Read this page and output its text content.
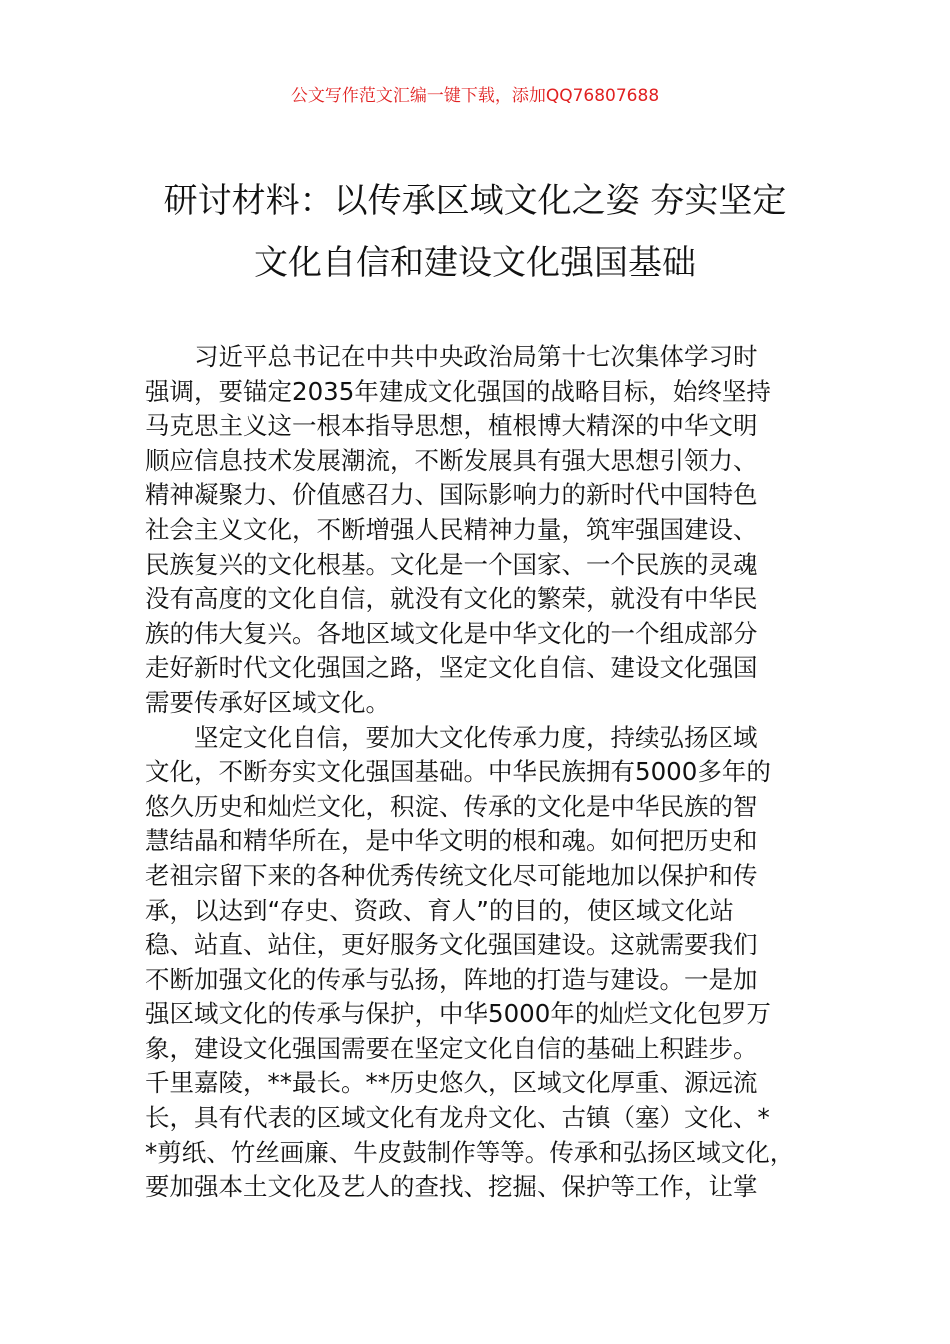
公文写作范文汇编一键下载，添加QQ76807688
研讨材料：以传承区域文化之姿 夯实坚定
文化自信和建设文化强国基础
习近平总书记在中共中央政治局第十七次集体学习时
强调，要锚定2035年建成文化强国的战略目标，始终坚持
马克思主义这一根本指导思想，植根博大精深的中华文明
顺应信息技术发展潮流，不断发展具有强大思想引领力、
精神凝聚力、价值感召力、国际影响力的新时代中国特色
社会主义文化，不断增强人民精神力量，筑牢强国建设、
民族复兴的文化根基。文化是一个国家、一个民族的灵魂
没有高度的文化自信，就没有文化的繁荣，就没有中华民
族的伟大复兴。各地区域文化是中华文化的一个组成部分
走好新时代文化强国之路，坚定文化自信、建设文化强国
需要传承好区域文化。
坚定文化自信，要加大文化传承力度，持续弘扬区域
文化，不断夯实文化强国基础。中华民族拥有5000多年的
悠久历史和灿烂文化，积淀、传承的文化是中华民族的智
慧结晶和精华所在，是中华文明的根和魂。如何把历史和
老祖宗留下来的各种优秀传统文化尽可能地加以保护和传
承，以达到“存史、资政、育人”的目的，使区域文化站
稳、站直、站住，更好服务文化强国建设。这就需要我们
不断加强文化的传承与弘扬，阵地的打造与建设。一是加
强区域文化的传承与保护，中华5000年的灿烂文化包罗万
象，建设文化强国需要在坚定文化自信的基础上积跬步。
千里嘉陵，**最长。**历史悠久，区域文化厚重、源远流
长，具有代表的区域文化有龙舟文化、古镇（塞）文化、*
*剪纸、竹丝画廉、牛皮鼓制作等等。传承和弘扬区域文化，
要加强本土文化及艺人的查找、挖掘、保护等工作，让掌
